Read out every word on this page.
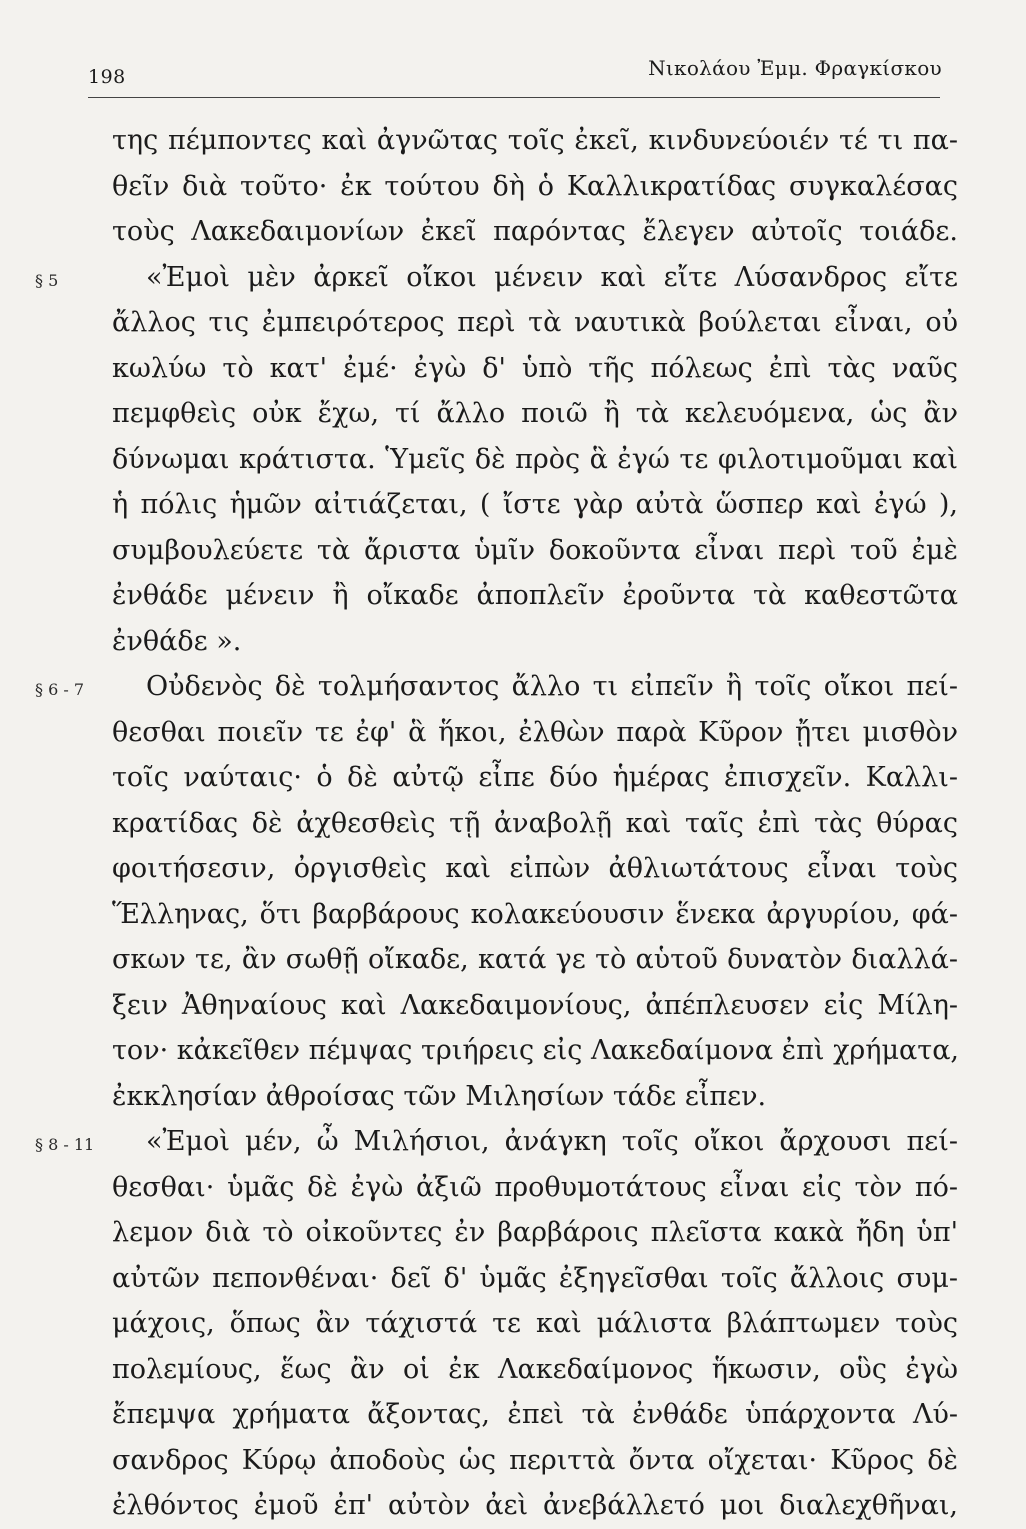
198	Νικολάου Ἐμμ. Φραγκίσκου
της πέμποντες καὶ ἀγνῶτας τοῖς ἐκεῖ, κινδυνεύοιέν τέ τι πα-
θεῖν διὰ τοῦτο· ἐκ τούτου δὴ ὁ Καλλικρατίδας συγκαλέσας
τοὺς Λακεδαιμονίων ἐκεῖ παρόντας ἔλεγεν αὐτοῖς τοιάδε.
§ 5	«Ἐμοὶ μὲν ἀρκεῖ οἴκοι μένειν καὶ εἴτε Λύσανδρος εἴτε
ἄλλος τις ἐμπειρότερος περὶ τὰ ναυτικὰ βούλεται εἶναι, οὐ
κωλύω τὸ κατ' ἐμέ· ἐγὼ δ' ὑπὸ τῆς πόλεως ἐπὶ τὰς ναῦς
πεμφθεὶς οὐκ ἔχω, τί ἄλλο ποιῶ ἢ τὰ κελευόμενα, ὡς ἂν
δύνωμαι κράτιστα. Ὑμεῖς δὲ πρὸς ἃ ἐγώ τε φιλοτιμοῦμαι καὶ
ἡ πόλις ἡμῶν αἰτιάζεται, ( ἴστε γὰρ αὐτὰ ὥσπερ καὶ ἐγώ ),
συμβουλεύετε τὰ ἄριστα ὑμῖν δοκοῦντα εἶναι περὶ τοῦ ἐμὲ
ἐνθάδε μένειν ἢ οἴκαδε ἀποπλεῖν ἐροῦντα τὰ καθεστῶτα
ἐνθάδε ».
§ 6 - 7 Οὐδενὸς δὲ τολμήσαντος ἄλλο τι εἰπεῖν ἢ τοῖς οἴκοι πεί-
θεσθαι ποιεῖν τε ἐφ' ἃ ἥκοι, ἐλθὼν παρὰ Κῦρον ᾔτει μισθὸν
τοῖς ναύταις· ὁ δὲ αὐτῷ εἶπε δύο ἡμέρας ἐπισχεῖν. Καλλι-
κρατίδας δὲ ἀχθεσθεὶς τῇ ἀναβολῇ καὶ ταῖς ἐπὶ τὰς θύρας
φοιτήσεσιν, ὀργισθεὶς καὶ εἰπὼν ἀθλιωτάτους εἶναι τοὺς
Ἕλληνας, ὅτι βαρβάρους κολακεύουσιν ἕνεκα ἀργυρίου, φά-
σκων τε, ἂν σωθῇ οἴκαδε, κατά γε τὸ αὑτοῦ δυνατὸν διαλλά-
ξειν Ἀθηναίους καὶ Λακεδαιμονίους, ἀπέπλευσεν εἰς Μίλη-
τον· κἀκεῖθεν πέμψας τριήρεις εἰς Λακεδαίμονα ἐπὶ χρήματα,
ἐκκλησίαν ἀθροίσας τῶν Μιλησίων τάδε εἶπεν.
§ 8 - 11 «Ἐμοὶ μέν, ὦ Μιλήσιοι, ἀνάγκη τοῖς οἴκοι ἄρχουσι πεί-
θεσθαι· ὑμᾶς δὲ ἐγὼ ἀξιῶ προθυμοτάτους εἶναι εἰς τὸν πό-
λεμον διὰ τὸ οἰκοῦντες ἐν βαρβάροις πλεῖστα κακὰ ἤδη ὑπ'
αὐτῶν πεπονθέναι· δεῖ δ' ὑμᾶς ἐξηγεῖσθαι τοῖς ἄλλοις συμ-
μάχοις, ὅπως ἂν τάχιστά τε καὶ μάλιστα βλάπτωμεν τοὺς
πολεμίους, ἕως ἂν οἱ ἐκ Λακεδαίμονος ἥκωσιν, οὓς ἐγὼ
ἔπεμψα χρήματα ἄξοντας, ἐπεὶ τὰ ἐνθάδε ὑπάρχοντα Λύ-
σανδρος Κύρῳ ἀποδοὺς ὡς περιττὰ ὄντα οἴχεται· Κῦρος δὲ
ἐλθόντος ἐμοῦ ἐπ' αὐτὸν ἀεὶ ἀνεβάλλετό μοι διαλεχθῆναι,
